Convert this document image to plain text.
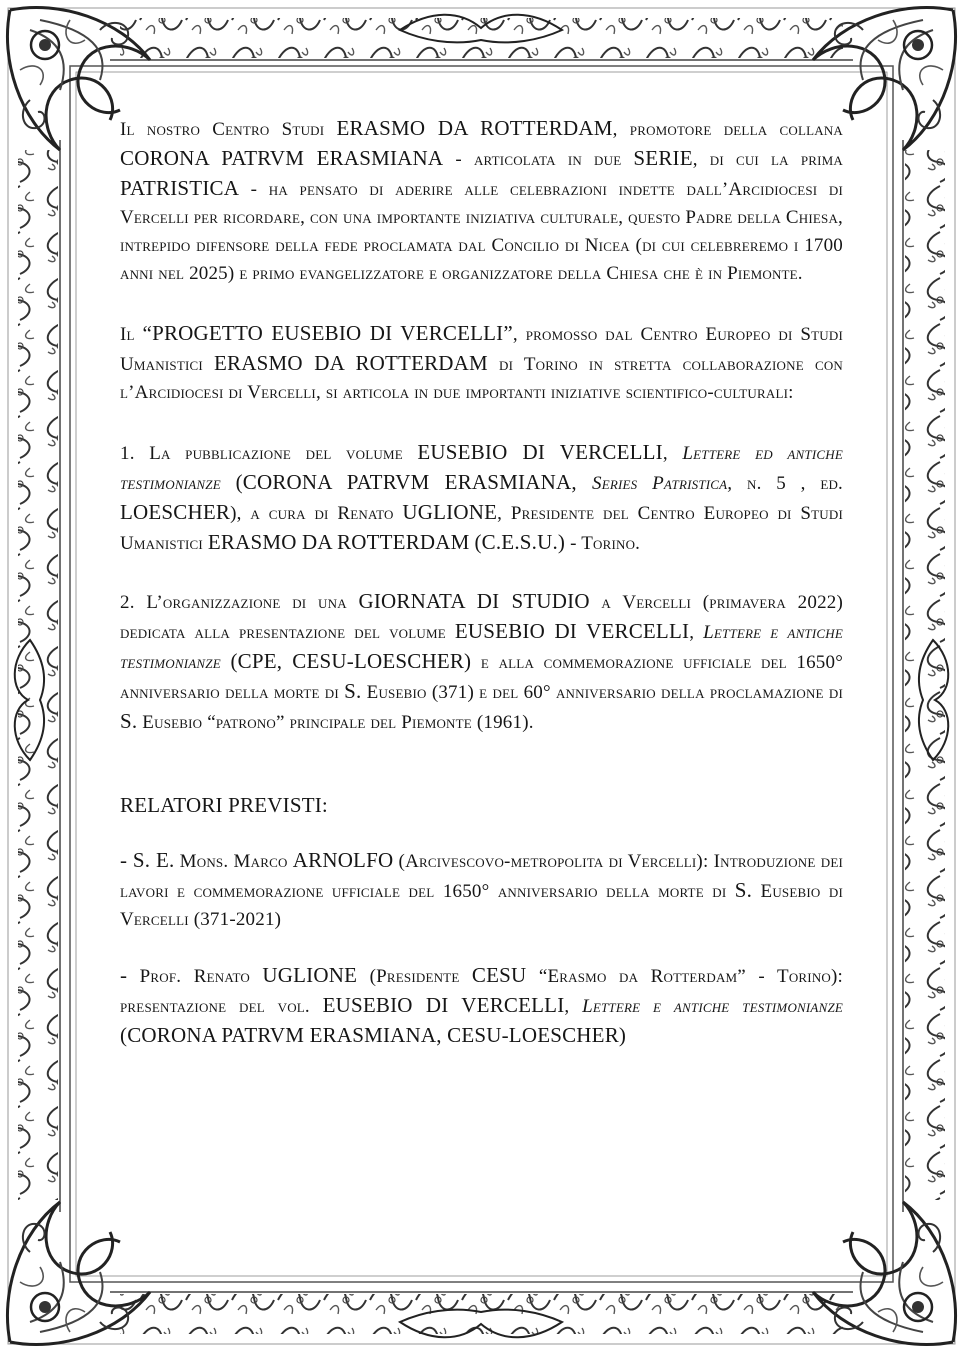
Il nostro Centro Studi ERASMO DA ROTTERDAM, promotore della collana CORONA PATRVM ERASMIANA - articolata in due SERIE, di cui la prima PATRISTICA - ha pensato di aderire alle celebrazioni indette dall’Arcidiocesi di Vercelli per ricordare, con una importante iniziativa culturale, questo Padre della Chiesa, intrepido difensore della fede proclamata dal Concilio di Nicea (di cui celebreremo i 1700 anni nel 2025) e primo evangelizzatore e organizzatore della Chiesa che è in Piemonte.

Il “PROGETTO EUSEBIO DI VERCELLI”, promosso dal Centro Europeo di Studi Umanistici ERASMO DA ROTTERDAM di Torino in stretta collaborazione con l’Arcidiocesi di Vercelli, si articola in due importanti iniziative scientifico-culturali:

1. La pubblicazione del volume EUSEBIO DI VERCELLI, Lettere ed antiche testimonianze (CORONA PATRVM ERASMIANA, Series Patristica, n. 5 , ed. LOESCHER), a cura di Renato UGLIONE, Presidente del Centro Europeo di Studi Umanistici ERASMO DA ROTTERDAM (C.E.S.U.) - Torino.

2. L’organizzazione di una GIORNATA DI STUDIO a Vercelli (primavera 2022) dedicata alla presentazione del volume EUSEBIO DI VERCELLI, Lettere e antiche testimonianze (CPE, CESU-LOESCHER) e alla commemorazione ufficiale del 1650° anniversario della morte di S. Eusebio (371) e del 60° anniversario della proclamazione di S. Eusebio “patrono” principale del Piemonte (1961).

RELATORI PREVISTI:

- S. E. Mons. Marco ARNOLFO (Arcivescovo-metropolita di Vercelli): Introduzione dei lavori e commemorazione ufficiale del 1650° anniversario della morte di S. Eusebio di Vercelli (371-2021)

- Prof. Renato UGLIONE (Presidente CESU “Erasmo da Rotterdam” - Torino): presentazione del vol. EUSEBIO DI VERCELLI, Lettere e antiche testimonianze (CORONA PATRVM ERASMIANA, CESU-LOESCHER)
